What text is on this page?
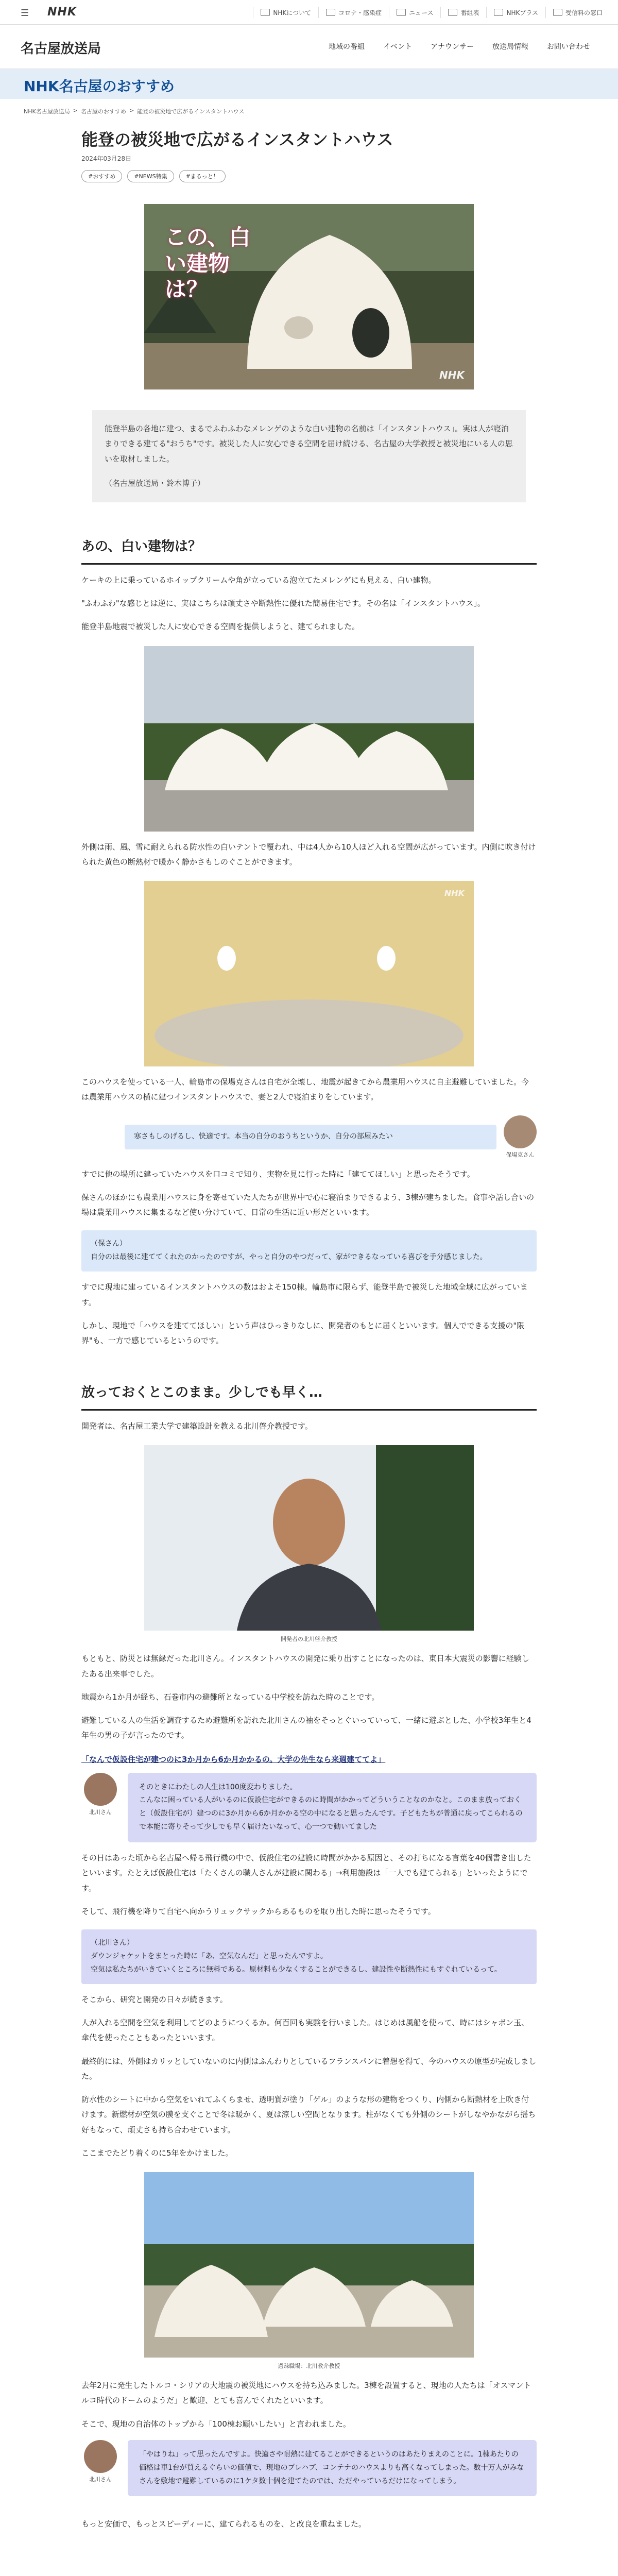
☰ NHK	NHKについて	コロナ・感染症	ニュース	番組表	NHKプラス	受信料の窓口
名古屋放送局	地域の番組	イベント	アナウンサー	放送局情報	お問い合わせ
NHK名古屋のおすすめ
NHK名古屋放送局 > 名古屋のおすすめ > 能登の被災地で広がるインスタントハウス
能登の被災地で広がるインスタントハウス
2024年03月28日
#おすすめ	#NEWS特集	#まるっと！
この、白い建物は？
NHK

能登半島の各地に建つ、まるでふわふわなメレンゲのような白い建物の名前は「インスタントハウス」。実は人が寝泊まりできる建てる"おうち"です。被災した人に安心できる空間を届け続ける、名古屋の大学教授と被災地にいる人の思いを取材しました。

（名古屋放送局・鈴木博子）

あの、白い建物は？

ケーキの上に乗っているホイップクリームや角が立っている泡立てたメレンゲにも見える、白い建物。

"ふわふわ"な感じとは逆に、実はこちらは頑丈さや断熱性に優れた簡易住宅です。その名は「インスタントハウス」。

能登半島地震で被災した人に安心できる空間を提供しようと、建てられました。

外側は雨、風、雪に耐えられる防水性の白いテントで覆われ、中は4人から10人ほど入れる空間が広がっています。内側に吹き付けられた黄色の断熱材で暖かく静かさもしのぐことができます。

NHK

このハウスを使っている一人、輪島市の保場克さんは自宅が全壊し、地震が起きてから農業用ハウスに自主避難していました。今は農業用ハウスの横に建つインスタントハウスで、妻と2人で寝泊まりをしています。

寒さもしのげるし、快適です。本当の自分のおうちというか、自分の部屋みたい
保場克さん

すでに他の場所に建っていたハウスを口コミで知り、実物を見に行った時に「建ててほしい」と思ったそうです。

保さんのほかにも農業用ハウスに身を寄せていた人たちが世界中で心に寝泊まりできるよう、3棟が建ちました。食事や話し合いの場は農業用ハウスに集まるなど使い分けていて、日常の生活に近い形だといいます。

（保さん）
自分のは最後に建ててくれたのかったのですが、やっと自分のやつだって、家ができるなっている喜びを手分感じました。

すでに現地に建っているインスタントハウスの数はおよそ150棟。輪島市に限らず、能登半島で被災した地域全域に広がっています。

しかし、現地で「ハウスを建ててほしい」という声はひっきりなしに、開発者のもとに届くといいます。個人でできる支援の"限界"も、一方で感じているというのです。

放っておくとこのまま。少しでも早く…

開発者は、名古屋工業大学で建築設計を教える北川啓介教授です。

開発者の北川啓介教授

もともと、防災とは無縁だった北川さん。インスタントハウスの開発に乗り出すことになったのは、東日本大震災の影響に経験したある出来事でした。

地震から1か月が経ち、石巻市内の避難所となっている中学校を訪ねた時のことです。

避難している人の生活を調査するため避難所を訪れた北川さんの袖をそっとぐいっていって、一緒に遊ぶとした、小学校3年生と4年生の男の子が言ったのです。

「なんで仮設住宅が建つのに3か月から6か月かかるの。大学の先生なら来週建ててよ」
北川さん
そのときにわたしの人生は100度変わりました。
こんなに困っている人がいるのに仮設住宅ができるのに時間がかかってどういうことなのかなと。このまま放っておくと（仮設住宅が）建つのに3か月から6か月かかる空の中になると思ったんです。子どもたちが普通に戻ってこられるので本能に寄りそって少しでも早く届けたいなって、心一つで動いてました

その日はあった頃から名古屋へ帰る飛行機の中で、仮設住宅の建設に時間がかかる原因と、その打ちになる言葉を40個書き出したといいます。たとえば仮設住宅は「たくさんの職人さんが建設に関わる」→利用施設は「一人でも建てられる」といったようにです。

そして、飛行機を降りて自宅へ向かうリュックサックからあるものを取り出した時に思ったそうです。

（北川さん）
ダウンジャケットをまとった時に「あ、空気なんだ」と思ったんですよ。
空気は私たちがいきていくところに無料である。原材料も少なくすることができるし、建設性や断熱性にもすぐれているって。

そこから、研究と開発の日々が続きます。

人が入れる空間を空気を利用してどのようにつくるか。何百回も実験を行いました。はじめは風船を使って、時にはシャボン玉、傘代を使ったこともあったといいます。

最終的には、外側はカリッとしていないのに内側はふんわりとしているフランスパンに着想を得て、今のハウスの原型が完成しました。

防水性のシートに中から空気をいれてふくらませ、透明質が塗り「ゲル」のような形の建物をつくり、内側から断熱材を上吹き付けます。新燃材が空気の膜を支ぐことで冬は暖かく、夏は涼しい空間となります。柱がなくても外側のシートがしなやかながら揺ち好もなって、頑丈さも持ち合わせています。

ここまでたどり着くのに5年をかけました。

過疎職場：北川教介教授

去年2月に発生したトルコ・シリアの大地震の被災地にハウスを持ち込みました。3棟を設置すると、現地の人たちは「オスマントルコ時代のドームのようだ」と歓迎、とても喜んでくれたといいます。

そこで、現地の自治体のトップから「100棟お願いしたい」と言われました。

北川さん
「やはりね」って思ったんですよ。快適さや耐熱に建てることができるというのはあたりまえのことに。1棟あたりの価格は車1台が買えるぐらいの価値で、現地のプレハブ、コンテナのハウスよりも高くなってしまった。数十万人がみなさんを敷地で避難しているのに1ケタ数十個を建てたのでは、ただやっているだけになってしまう。

もっと安価で、もっとスピーディーに、建てられるものを、と改良を重ねました。
